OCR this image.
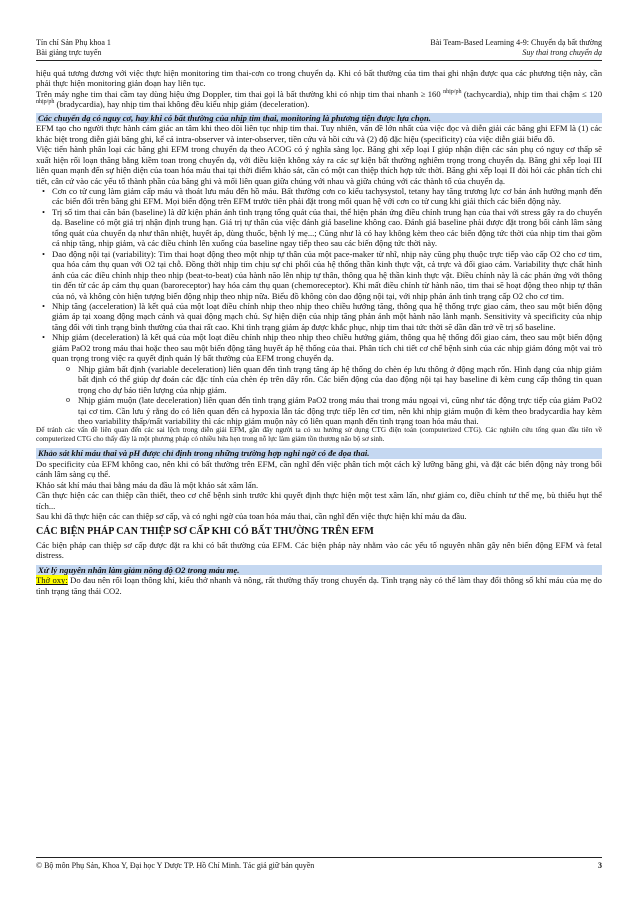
Tín chỉ Sản Phụ khoa 1
Bài giảng trực tuyến
Bài Team-Based Learning 4-9: Chuyển dạ bất thường
Suy thai trong chuyển dạ

hiệu quả tương đương với việc thực hiện monitoring tim thai-cơn co trong chuyển dạ. Khi có bất thường của tim thai ghi nhận được qua các phương tiện này, cần phải thực hiện monitoring giản đoạn hay liên tục.

Trên máy nghe tim thai cầm tay dùng hiệu ứng Doppler, tim thai gọi là bất thường khi có nhịp tim thai nhanh ≥ 160 $^{nhịp/ph}$ (tachycardia), nhịp tim thai chậm ≤ 120 $^{nhịp/ph}$ (bradycardia), hay nhịp tim thai không đều kiểu nhịp giảm (deceleration).

Các chuyển dạ có nguy cơ, hay khi có bất thường của nhịp tim thai, monitoring là phương tiện được lựa chọn.

EFM tạo cho người thực hành cảm giác an tâm khi theo dõi liên tục nhịp tim thai. Tuy nhiên, vấn đề lớn nhất của việc đọc và diễn giải các băng ghi EFM là (1) các khác biệt trong diễn giải băng ghi, kể cả intra-observer và inter-observer, tiền cứu và hồi cứu và (2) độ đặc hiệu (specificity) của việc diễn giải biểu đồ.

Việc tiến hành phân loại các băng ghi EFM trong chuyển dạ theo ACOG có ý nghĩa sàng lọc. Băng ghi xếp loại I giúp nhận diện các sản phụ có nguy cơ thấp sẽ xuất hiện rối loạn thăng bằng kiềm toan trong chuyển dạ, với điều kiện không xảy ra các sự kiện bất thường nghiêm trọng trong chuyển dạ. Băng ghi xếp loại III liên quan mạnh đến sự hiện diện của toan hóa máu thai tại thời điểm khảo sát, cần có một can thiệp thích hợp tức thời. Băng ghi xếp loại II đòi hỏi các phân tích chi tiết, cân cứ vào các yếu tố thành phần của băng ghi và mối liên quan giữa chúng với nhau và giữa chúng với các thành tố của chuyển dạ.

• Cơn co tử cung làm giảm cấp máu và thoát lưu máu đến hồ máu. Bất thường cơn co kiểu tachysystol, tetany hay tăng trương lực cơ bản ảnh hưởng mạnh đến các biến đổi trên băng ghi EFM. Mọi biến động trên EFM trước tiên phải đặt trong mối quan hệ với cơn co tử cung khi giải thích các biến động này.
• Trị số tim thai căn bản (baseline) là dữ kiện phản ánh tình trạng tổng quát của thai, thể hiện phản ứng điều chỉnh trung hạn của thai với stress gây ra do chuyển dạ. Baseline có một giá trị nhận định trung hạn. Giá trị tự thân của việc đánh giá baseline không cao. Đánh giá baseline phải được đặt trong bối cảnh lâm sàng tổng quát của chuyển dạ như thân nhiệt, huyết áp, dùng thuốc, bệnh lý mẹ...; Cũng như là có hay không kèm theo các biến động tức thời của nhịp tim thai gồm cả nhịp tăng, nhịp giảm, và các điều chỉnh lên xuống của baseline ngay tiếp theo sau các biến động tức thời này.
• Dao động nội tại (variability): Tim thai hoạt động theo một nhịp tự thân của một pace-maker từ nhĩ, nhịp này cũng phụ thuộc trực tiếp vào cấp O2 cho cơ tim, qua hóa cảm thụ quan với O2 tại chỗ. Đồng thời nhịp tim chịu sự chi phối của hệ thống thần kinh thực vật, cả trực và đối giao cảm. Variability thực chất hình ảnh của các điều chỉnh nhịp theo nhịp (beat-to-beat) của hành não lên nhịp tự thân, thông qua hệ thần kinh thực vật. Điều chỉnh này là các phản ứng với thông tin đến từ các áp cảm thụ quan (baroreceptor) hay hóa cảm thụ quan (chemoreceptor). Khi mất điều chỉnh từ hành não, tim thai sẽ hoạt động theo nhịp tự thân của nó, và không còn hiện tượng biến động nhịp theo nhịp nữa. Biểu đồ không còn dao động nội tại, với nhịp phản ánh tình trạng cấp O2 cho cơ tim.
• Nhịp tăng (acceleration) là kết quả của một loạt điều chỉnh nhịp theo nhịp theo chiều hướng tăng, thông qua hệ thống trực giao cảm, theo sau một biến động giảm áp tại xoang động mạch cảnh và quai động mạch chủ. Sự hiện diện của nhịp tăng phản ánh một hành não lành mạnh. Sensitivity và specificity của nhịp tăng đối với tình trạng bình thường của thai rất cao. Khi tình trạng giảm áp được khắc phục, nhịp tim thai tức thời sẽ dần dần trở về trị số baseline.
• Nhịp giảm (deceleration) là kết quả của một loạt điều chỉnh nhịp theo nhịp theo chiều hướng giảm, thông qua hệ thống đối giao cảm, theo sau một biến động giảm PaO2 trong máu thai hoặc theo sau một biến động tăng huyết áp hệ thống của thai. Phân tích chi tiết cơ chế bệnh sinh của các nhịp giảm đóng một vai trò quan trọng trong việc ra quyết định quản lý bất thường của EFM trong chuyển dạ.
o Nhịp giảm bất định (variable deceleration) liên quan đến tình trạng tăng áp hệ thống do chèn ép lưu thông ở động mạch rốn. Hình dạng của nhịp giảm bất định có thể giúp dự đoán các đặc tính của chèn ép trên dây rốn. Các biến động của dao động nội tại hay baseline đi kèm cung cấp thông tin quan trọng cho dự báo tiên lượng của nhịp giảm.
o Nhịp giảm muộn (late deceleration) liên quan đến tình trạng giảm PaO2 trong máu thai trong máu ngoại vi, cũng như tác động trực tiếp của giảm PaO2 tại cơ tim. Cần lưu ý rằng do có liên quan đến cả hypoxia lẫn tác động trực tiếp lên cơ tim, nên khi nhịp giảm muộn đi kèm theo bradycardia hay kèm theo variability thấp/mất variability thì các nhịp giảm muộn này có liên quan mạnh đến tình trạng toan hóa máu thai.

Để tránh các vấn đề liên quan đến các sai lệch trong diễn giải EFM, gần đây người ta có xu hướng sử dụng CTG điện toán (computerized CTG). Các nghiên cứu tổng quan đầu tiên về computerized CTG cho thấy đây là một phương pháp có nhiều hứa hẹn trong nỗ lực làm giảm tồn thương não bộ sơ sinh.

Khảo sát khí máu thai và pH được chỉ định trong những trường hợp nghi ngờ có đe dọa thai.

Do specificity của EFM không cao, nên khi có bất thường trên EFM, cần nghĩ đến việc phân tích một cách kỹ lưỡng băng ghi, và đặt các biến động này trong bối cảnh lâm sàng cụ thể.

Khảo sát khí máu thai bằng máu da đầu là một khảo sát xâm lấn.

Cần thực hiện các can thiệp cần thiết, theo cơ chế bệnh sinh trước khi quyết định thực hiện một test xâm lấn, như giảm co, điều chỉnh tư thế mẹ, bù thiếu hụt thể tích...

Sau khi đã thực hiện các can thiệp sơ cấp, và có nghi ngờ của toan hóa máu thai, cần nghĩ đến việc thực hiện khí máu da đầu.

CÁC BIỆN PHÁP CAN THIỆP SƠ CẤP KHI CÓ BẤT THƯỜNG TRÊN EFM

Các biện pháp can thiệp sơ cấp được đặt ra khi có bất thường của EFM. Các biện pháp này nhằm vào các yếu tố nguyên nhân gây nên biến động EFM và fetal distress.

Xử lý nguyên nhân làm giảm nồng độ O2 trong máu mẹ.

Thở oxy: Do đau nên rối loạn thông khí, kiểu thở nhanh và nông, rất thường thấy trong chuyển dạ. Tình trạng này có thể làm thay đổi thông số khí máu của mẹ do tình trạng tăng thải CO2.

© Bộ môn Phụ Sản, Khoa Y, Đại học Y Dược TP. Hồ Chí Minh. Tác giả giữ bản quyền	3
